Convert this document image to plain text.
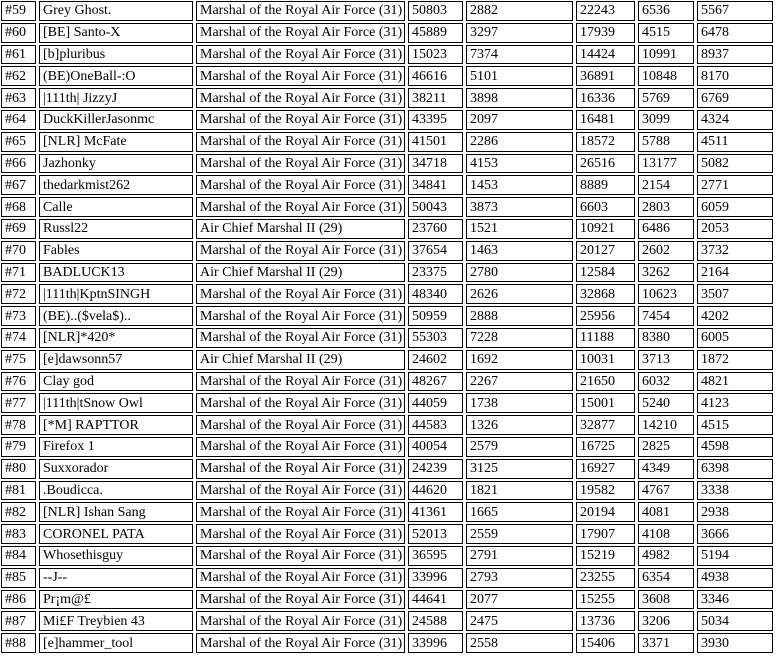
#59	Grey Ghost.	Marshal of the Royal Air Force (31)	50803	2882	22243	6536	5567
#60	[BE] Santo-X	Marshal of the Royal Air Force (31)	45889	3297	17939	4515	6478
#61	[b]pluribus	Marshal of the Royal Air Force (31)	15023	7374	14424	10991	8937
#62	(BE)OneBall-:O	Marshal of the Royal Air Force (31)	46616	5101	36891	10848	8170
#63	|111th| JizzyJ	Marshal of the Royal Air Force (31)	38211	3898	16336	5769	6769
#64	DuckKillerJasonmc	Marshal of the Royal Air Force (31)	43395	2097	16481	3099	4324
#65	[NLR] McFate	Marshal of the Royal Air Force (31)	41501	2286	18572	5788	4511
#66	Jazhonky	Marshal of the Royal Air Force (31)	34718	4153	26516	13177	5082
#67	thedarkmist262	Marshal of the Royal Air Force (31)	34841	1453	8889	2154	2771
#68	Calle	Marshal of the Royal Air Force (31)	50043	3873	6603	2803	6059
#69	Russl22	Air Chief Marshal II (29)	23760	1521	10921	6486	2053
#70	Fables	Marshal of the Royal Air Force (31)	37654	1463	20127	2602	3732
#71	BADLUCK13	Air Chief Marshal II (29)	23375	2780	12584	3262	2164
#72	|111th|KptnSINGH	Marshal of the Royal Air Force (31)	48340	2626	32868	10623	3507
#73	(BE)..($vela$)..	Marshal of the Royal Air Force (31)	50959	2888	25956	7454	4202
#74	[NLR]*420*	Marshal of the Royal Air Force (31)	55303	7228	11188	8380	6005
#75	[e]dawsonn57	Air Chief Marshal II (29)	24602	1692	10031	3713	1872
#76	Clay god	Marshal of the Royal Air Force (31)	48267	2267	21650	6032	4821
#77	|111th|tSnow Owl	Marshal of the Royal Air Force (31)	44059	1738	15001	5240	4123
#78	[*M] RAPTTOR	Marshal of the Royal Air Force (31)	44583	1326	32877	14210	4515
#79	Firefox 1	Marshal of the Royal Air Force (31)	40054	2579	16725	2825	4598
#80	Suxxorador	Marshal of the Royal Air Force (31)	24239	3125	16927	4349	6398
#81	.Boudicca.	Marshal of the Royal Air Force (31)	44620	1821	19582	4767	3338
#82	[NLR] Ishan Sang	Marshal of the Royal Air Force (31)	41361	1665	20194	4081	2938
#83	CORONEL PATA	Marshal of the Royal Air Force (31)	52013	2559	17907	4108	3666
#84	Whosethisguy	Marshal of the Royal Air Force (31)	36595	2791	15219	4982	5194
#85	--J--	Marshal of the Royal Air Force (31)	33996	2793	23255	6354	4938
#86	Pr¡m@£	Marshal of the Royal Air Force (31)	44641	2077	15255	3608	3346
#87	Mi£F Treybien 43	Marshal of the Royal Air Force (31)	24588	2475	13736	3206	5034
#88	[e]hammer_tool	Marshal of the Royal Air Force (31)	33996	2558	15406	3371	3930
